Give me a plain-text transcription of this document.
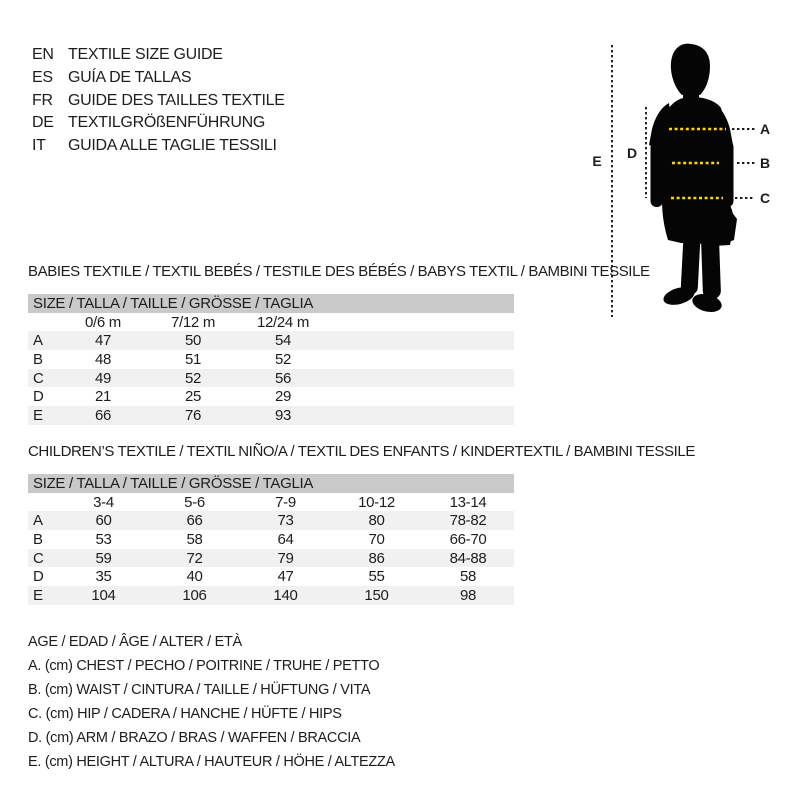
EN TEXTILE SIZE GUIDE
ES GUÍA DE TALLAS
FR GUIDE DES TAILLES TEXTILE
DE TEXTILGRÖßENFÜHRUNG
IT	GUIDA ALLE TAGLIE TESSILI
A
B
C
D
E
BABIES TEXTILE / TEXTIL BEBÉS / TESTILE DES BÉBÉS / BABYS TEXTIL / BAMBINI TESSILE
SIZE / TALLA / TAILLE / GRÖSSE / TAGLIA				
	0/6 m	7/12 m	12/24 m	
A	47	50	54	
B	48	51	52	
C	49	52	56	
D	21	25	29	
E	66	76	93	
CHILDREN’S TEXTILE / TEXTIL NIÑO/A / TEXTIL DES ENFANTS / KINDERTEXTIL / BAMBINI TESSILE
SIZE / TALLA / TAILLE / GRÖSSE / TAGLIA					
	3-4	5-6	7-9	10-12	13-14
A	60	66	73	80	78-82
B	53	58	64	70	66-70
C	59	72	79	86	84-88
D	35	40	47	55	58
E	104	106	140	150	98
AGE / EDAD / ÂGE / ALTER / ETÀ
A. (cm) CHEST / PECHO / POITRINE / TRUHE / PETTO
B. (cm) WAIST / CINTURA / TAILLE / HÜFTUNG / VITA
C. (cm) HIP / CADERA / HANCHE / HÜFTE / HIPS
D. (cm) ARM / BRAZO / BRAS / WAFFEN / BRACCIA
E. (cm) HEIGHT / ALTURA / HAUTEUR / HÖHE / ALTEZZA
